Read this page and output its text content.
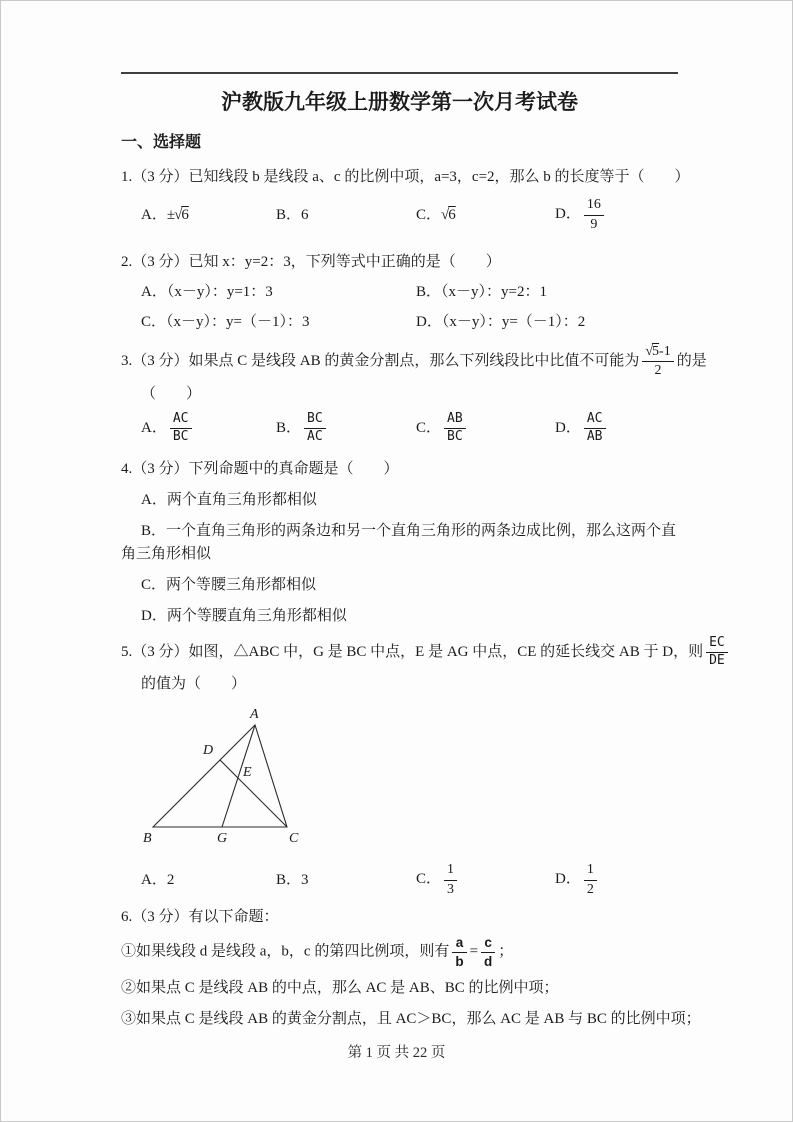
沪教版九年级上册数学第一次月考试卷
一、选择题
1.（3 分）已知线段 b 是线段 a、c 的比例中项，a=3，c=2，那么 b 的长度等于（　　）
A．±√6	B．6	C．√6	D． $\frac{16}{9}$
2.（3 分）已知 x：y=2：3，下列等式中正确的是（　　）
A．（x－y）：y=1：3	B．（x－y）：y=2：1
C．（x－y）：y=（－1）：3	D．（x－y）：y=（－1）：2
3.（3 分）如果点 C 是线段 AB 的黄金分割点，那么下列线段比中比值不可能为 $\frac{√5-1}{2}$ 的是
（　　）
A． $\frac{AC}{BC}$	B． $\frac{BC}{AC}$	C． $\frac{AB}{BC}$	D． $\frac{AC}{AB}$
4.（3 分）下列命题中的真命题是（　　）
A．两个直角三角形都相似
B．一个直角三角形的两条边和另一个直角三角形的两条边成比例，那么这两个直角三角形相似
C．两个等腰三角形都相似
D．两个等腰直角三角形都相似
5.（3 分）如图，△ABC 中，G 是 BC 中点，E 是 AG 中点，CE 的延长线交 AB 于 D，则 $\frac{EC}{DE}$
的值为（　　）
A
B	C
G
D
E
A．2	B．3	C． $\frac{1}{3}$	D． $\frac{1}{2}$
6.（3 分）有以下命题：
①如果线段 d 是线段 a，b，c 的第四比例项，则有 $\frac{a}{b} = \frac{c}{d}$ ；
②如果点 C 是线段 AB 的中点，那么 AC 是 AB、BC 的比例中项；
③如果点 C 是线段 AB 的黄金分割点，且 AC＞BC，那么 AC 是 AB 与 BC 的比例中项；
第 1 页 共 22 页
